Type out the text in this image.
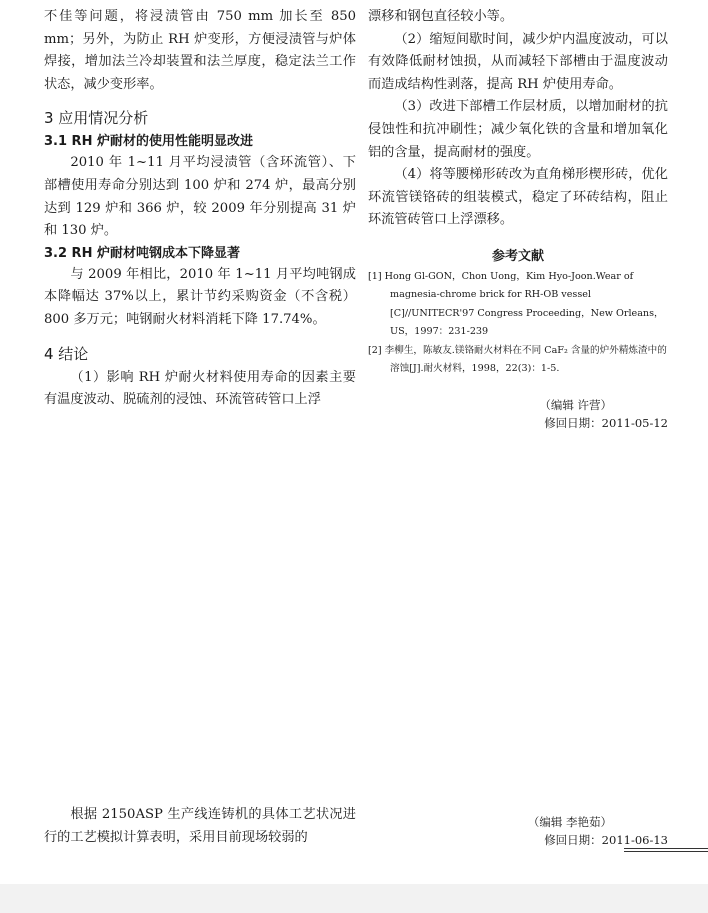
不佳等问题，将浸渍管由 750 mm 加长至 850 mm；另外，为防止 RH 炉变形，方便浸渍管与炉体焊接，增加法兰冷却装置和法兰厚度，稳定法兰工作状态，减少变形率。

3 应用情况分析
3.1 RH 炉耐材的使用性能明显改进

2010 年 1~11 月平均浸渍管（含环流管）、下部槽使用寿命分别达到 100 炉和 274 炉，最高分别达到 129 炉和 366 炉，较 2009 年分别提高 31 炉和 130 炉。

3.2 RH 炉耐材吨钢成本下降显著

与 2009 年相比，2010 年 1~11 月平均吨钢成本降幅达 37%以上，累计节约采购资金（不含税）800 多万元；吨钢耐火材料消耗下降 17.74%。

4 结论

（1）影响 RH 炉耐火材料使用寿命的因素主要有温度波动、脱硫剂的浸蚀、环流管砖管口上浮

漂移和钢包直径较小等。

（2）缩短间歇时间，减少炉内温度波动，可以有效降低耐材蚀损，从而减轻下部槽由于温度波动而造成结构性剥落，提高 RH 炉使用寿命。

（3）改进下部槽工作层材质，以增加耐材的抗侵蚀性和抗冲刷性；减少氧化铁的含量和增加氧化铝的含量，提高耐材的强度。

（4）将等腰梯形砖改为直角梯形楔形砖，优化环流管镁铬砖的组装模式，稳定了环砖结构，阻止环流管砖管口上浮漂移。

参考文献

[1] Hong Gl-GON，Chon Uong，Kim Hyo-Joon.Wear of magnesia-chrome brick for RH-OB vessel [C]//UNITECR'97 Congress Proceeding，New Orleans，US，1997：231-239

[2] 李柳生，陈敏友.镁铬耐火材料在不同 CaF₂ 含量的炉外精炼渣中的溶蚀[J].耐火材料，1998，22(3)：1-5.

（编辑 许营）

修回日期：2011-05-12

根据 2150ASP 生产线连铸机的具体工艺状况进行的工艺模拟计算表明，采用目前现场较弱的

（编辑 李艳茹）

修回日期：2011-06-13
